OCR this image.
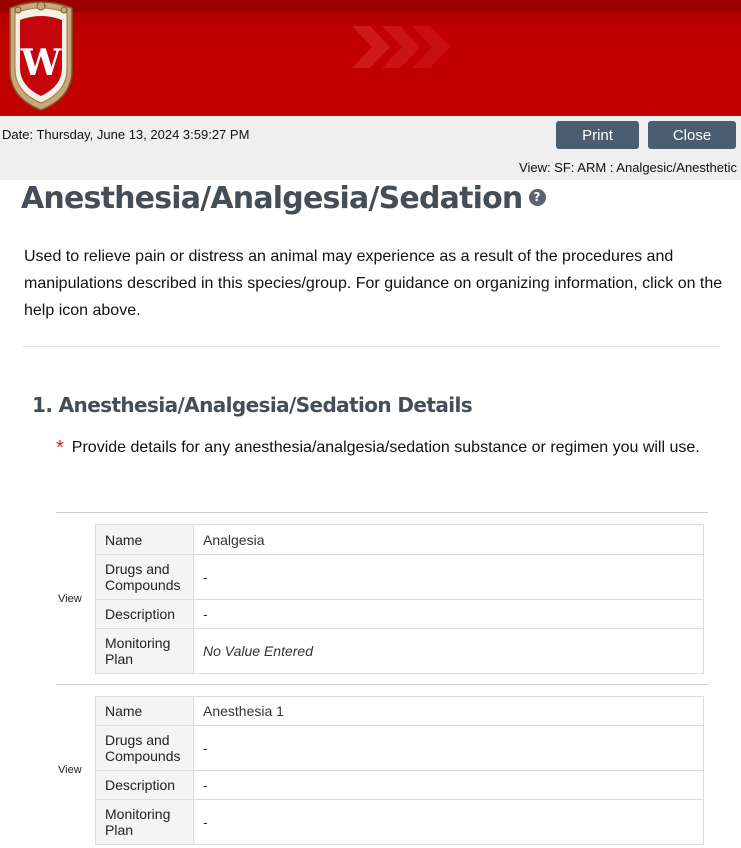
W
Date: Thursday, June 13, 2024 3:59:27 PM	Print	Close
View: SF: ARM : Analgesic/Anesthetic
Anesthesia/Analgesia/Sedation ?

Used to relieve pain or distress an animal may experience as a result of the procedures and manipulations described in this species/group. For guidance on organizing information, click on the help icon above.

1. Anesthesia/Analgesia/Sedation Details

* Provide details for any anesthesia/analgesia/sedation substance or regimen you will use.

View
Name	Analgesia
Drugs and Compounds	-
Description	-
Monitoring Plan	No Value Entered
View
Name	Anesthesia 1
Drugs and Compounds	-
Description	-
Monitoring Plan	-
